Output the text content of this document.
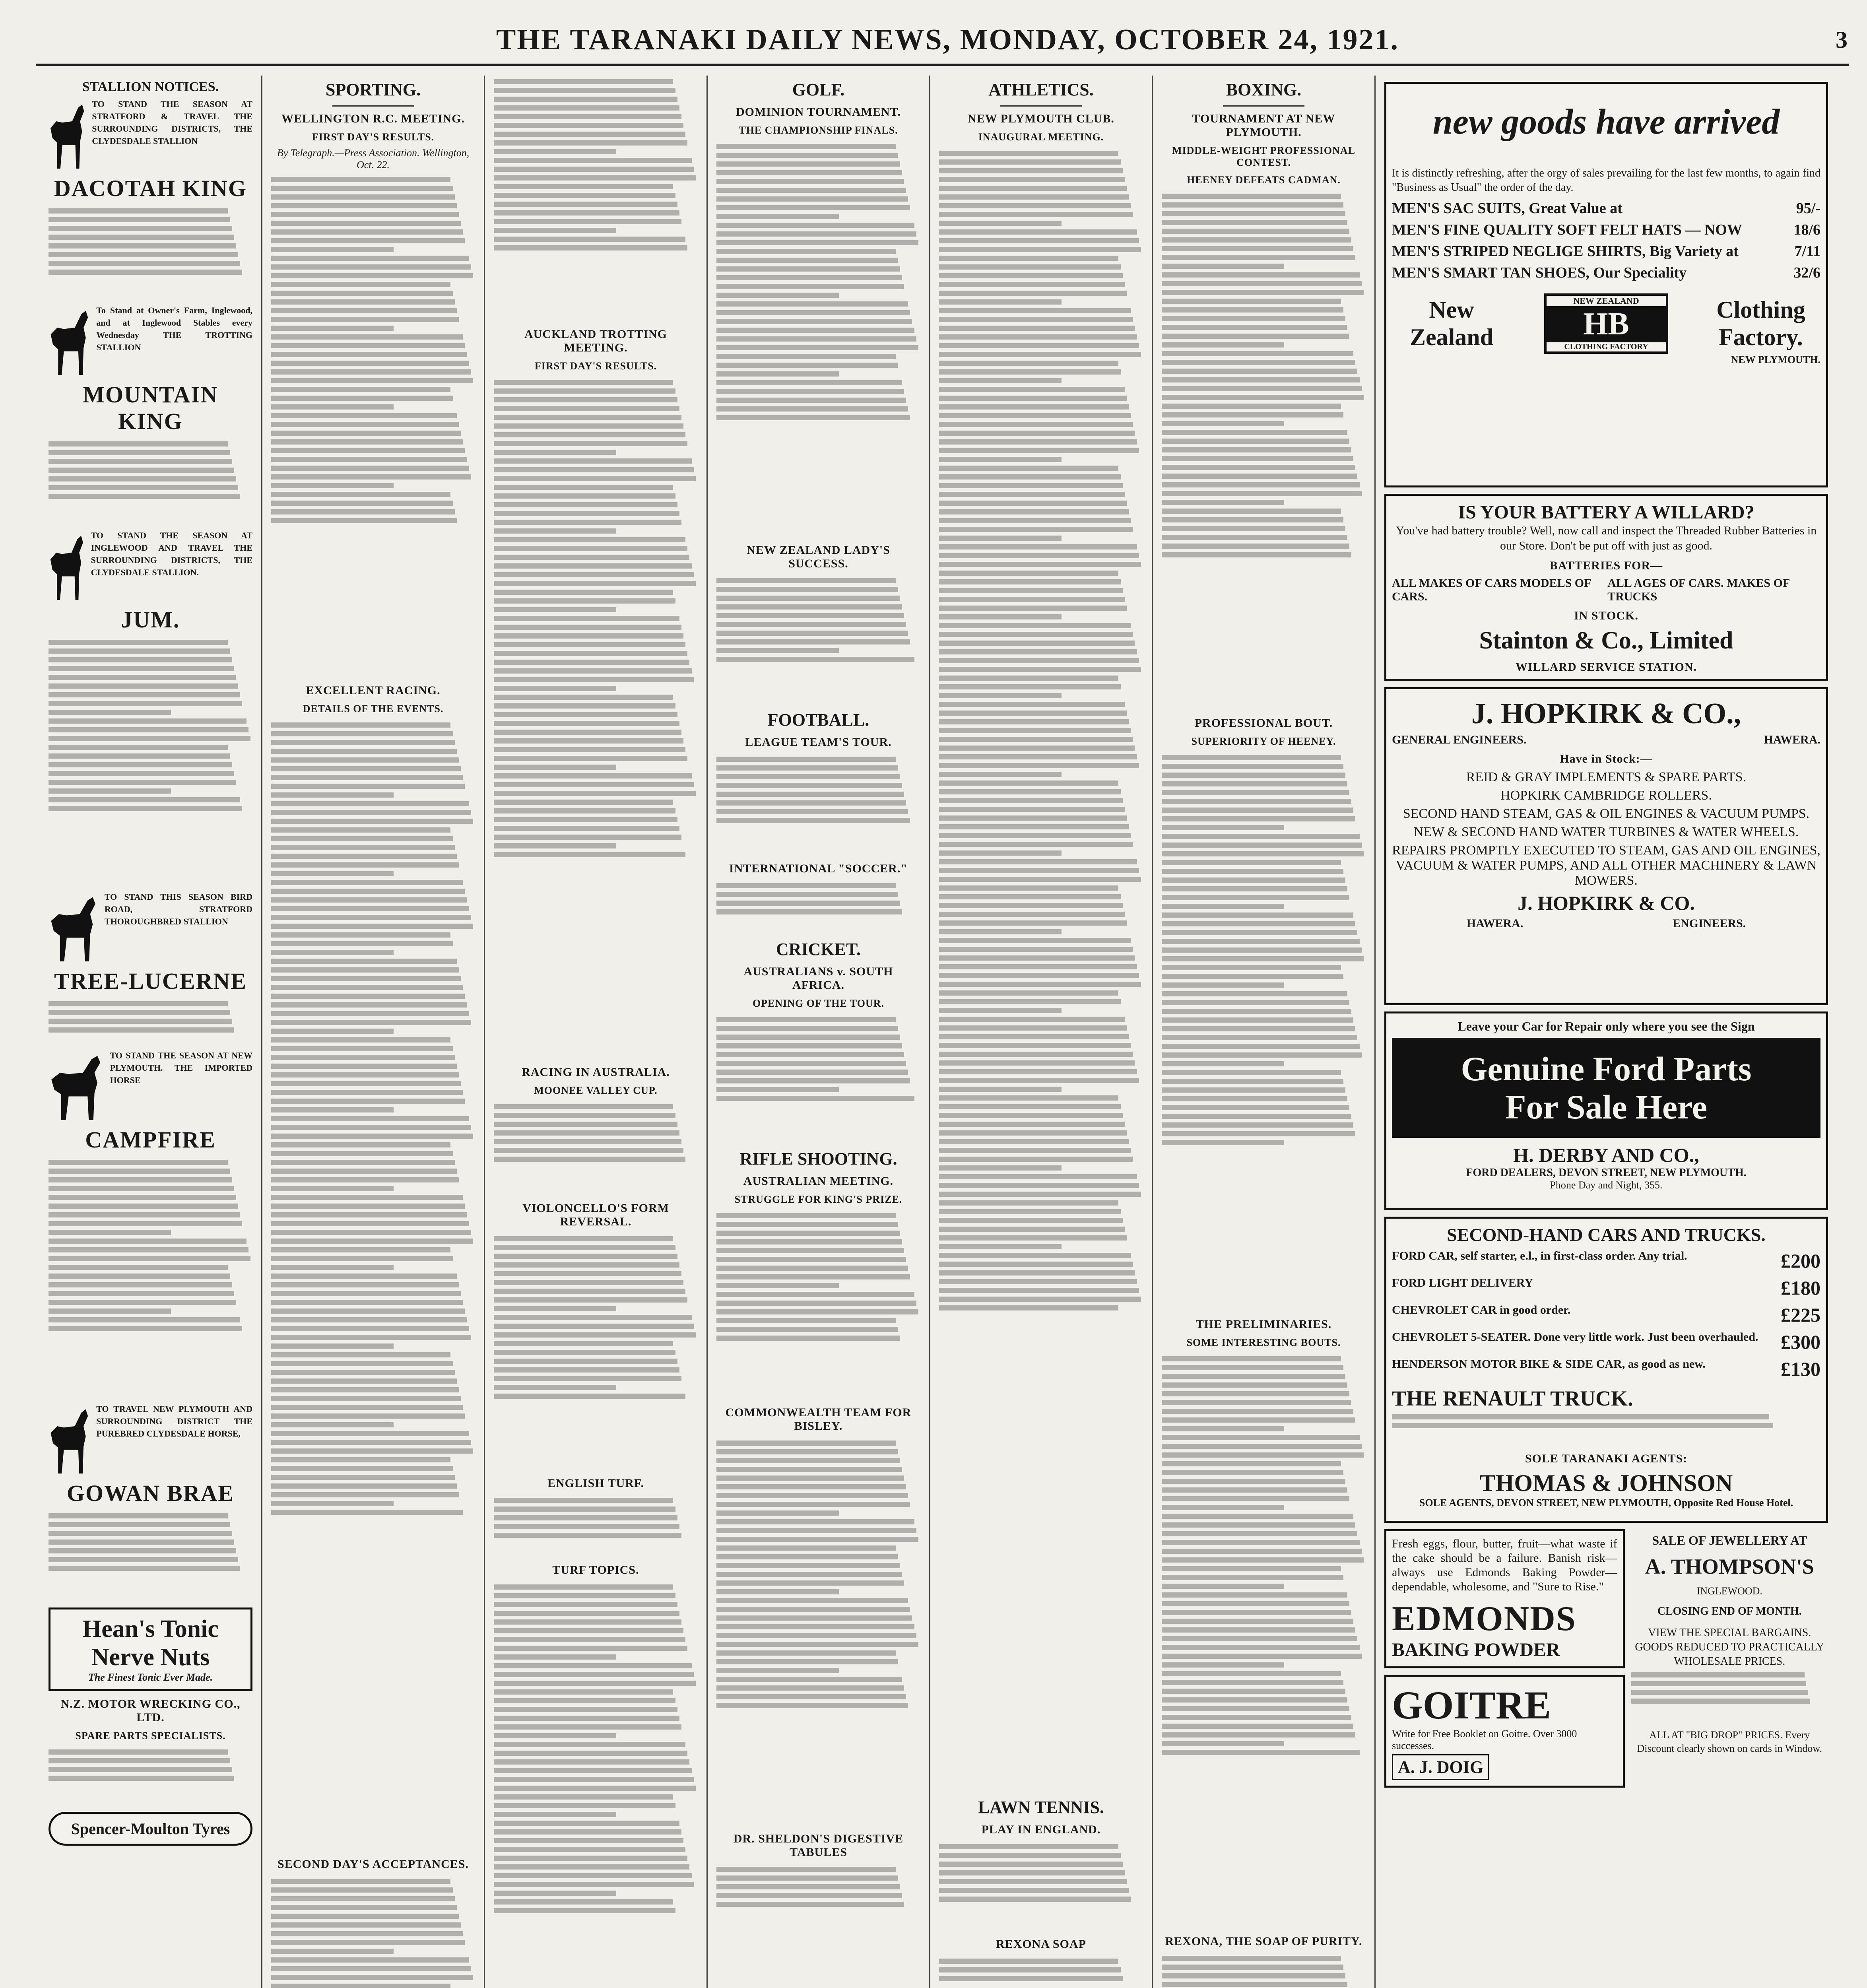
THE TARANAKI DAILY NEWS, MONDAY, OCTOBER 24, 1921.	3
STALLION NOTICES.
TO STAND THE SEASON AT STRATFORD & TRAVEL THE SURROUNDING DISTRICTS, THE CLYDESDALE STALLION
DACOTAH KING
To Stand at Owner's Farm, Inglewood, and at Inglewood Stables every Wednesday THE TROTTING STALLION
MOUNTAIN KING
TO STAND THE SEASON AT INGLEWOOD AND TRAVEL THE SURROUNDING DISTRICTS, THE CLYDESDALE STALLION.
JUM.
TO STAND THIS SEASON BIRD ROAD, STRATFORD THOROUGHBRED STALLION
TREE-LUCERNE
TO STAND THE SEASON AT NEW PLYMOUTH. THE IMPORTED HORSE
CAMPFIRE
TO TRAVEL NEW PLYMOUTH AND SURROUNDING DISTRICT THE PUREBRED CLYDESDALE HORSE,
GOWAN BRAE
Hean's Tonic
Nerve Nuts
The Finest Tonic Ever Made.
N.Z. MOTOR WRECKING CO., LTD.
SPARE PARTS SPECIALISTS.
Spencer-Moulton Tyres
SPORTING.
WELLINGTON R.C. MEETING.
FIRST DAY'S RESULTS.
By Telegraph.—Press Association. Wellington, Oct. 22.
EXCELLENT RACING.
DETAILS OF THE EVENTS.
SECOND DAY'S ACCEPTANCES.
AUCKLAND TROTTING MEETING.
FIRST DAY'S RESULTS.
RACING IN AUSTRALIA.
MOONEE VALLEY CUP.
VIOLONCELLO'S FORM REVERSAL.
ENGLISH TURF.
TURF TOPICS.
GOLF.
DOMINION TOURNAMENT.
THE CHAMPIONSHIP FINALS.
NEW ZEALAND LADY'S SUCCESS.
FOOTBALL.
LEAGUE TEAM'S TOUR.
INTERNATIONAL "SOCCER."
CRICKET.
AUSTRALIANS v. SOUTH AFRICA.
OPENING OF THE TOUR.
RIFLE SHOOTING.
AUSTRALIAN MEETING.
STRUGGLE FOR KING'S PRIZE.
COMMONWEALTH TEAM FOR BISLEY.
DR. SHELDON'S DIGESTIVE TABULES
ATHLETICS.
NEW PLYMOUTH CLUB.
INAUGURAL MEETING.
LAWN TENNIS.
PLAY IN ENGLAND.
REXONA SOAP
BOXING.
TOURNAMENT AT NEW PLYMOUTH.
MIDDLE-WEIGHT PROFESSIONAL CONTEST.
HEENEY DEFEATS CADMAN.
PROFESSIONAL BOUT.
SUPERIORITY OF HEENEY.
THE PRELIMINARIES.
SOME INTERESTING BOUTS.
REXONA, THE SOAP OF PURITY.
new goods have arrived
It is distinctly refreshing, after the orgy of sales prevailing for the last few months, to again find "Business as Usual" the order of the day.
MEN'S SAC SUITS, Great Value at	95/-
MEN'S FINE QUALITY SOFT FELT HATS — NOW	18/6
MEN'S STRIPED NEGLIGE SHIRTS, Big Variety at	7/11
MEN'S SMART TAN SHOES, Our Speciality	32/6
New Zealand
NEW ZEALAND
HB
CLOTHING FACTORY
Clothing Factory.
NEW PLYMOUTH.
IS YOUR BATTERY A WILLARD?
You've had battery trouble? Well, now call and inspect the Threaded Rubber Batteries in our Store. Don't be put off with just as good.
BATTERIES FOR—
ALL MAKES OF CARS MODELS OF CARS.
ALL AGES OF CARS. MAKES OF TRUCKS
IN STOCK.
Stainton & Co., Limited
WILLARD SERVICE STATION.
J. HOPKIRK & CO.,
GENERAL ENGINEERS.	HAWERA.
Have in Stock:—
REID & GRAY IMPLEMENTS & SPARE PARTS.
HOPKIRK CAMBRIDGE ROLLERS.
SECOND HAND STEAM, GAS & OIL ENGINES & VACUUM PUMPS.
NEW & SECOND HAND WATER TURBINES & WATER WHEELS.
REPAIRS PROMPTLY EXECUTED TO STEAM, GAS AND OIL ENGINES, VACUUM & WATER PUMPS, AND ALL OTHER MACHINERY & LAWN MOWERS.
J. HOPKIRK & CO.
HAWERA.	ENGINEERS.
Leave your Car for Repair only where you see the Sign
Genuine Ford Parts
For Sale Here
H. DERBY AND CO.,
FORD DEALERS, DEVON STREET, NEW PLYMOUTH.
Phone Day and Night, 355.
SECOND-HAND CARS AND TRUCKS.
FORD CAR, self starter, e.l., in first-class order. Any trial.	£200
FORD LIGHT DELIVERY	£180
CHEVROLET CAR in good order.	£225
CHEVROLET 5-SEATER. Done very little work. Just been overhauled. £300
HENDERSON MOTOR BIKE & SIDE CAR, as good as new.	£130
THE RENAULT TRUCK.
SOLE TARANAKI AGENTS:
THOMAS & JOHNSON
SOLE AGENTS, DEVON STREET, NEW PLYMOUTH, Opposite Red House Hotel.
Fresh eggs, flour, butter, fruit—what waste if the cake should be a failure. Banish risk—always use Edmonds Baking Powder—dependable, wholesome, and "Sure to Rise."
EDMONDS
BAKING POWDER
GOITRE
Write for Free Booklet on Goitre. Over 3000 successes.
A. J. DOIG
SALE OF JEWELLERY AT
A. THOMPSON'S
INGLEWOOD.
CLOSING END OF MONTH.
VIEW THE SPECIAL BARGAINS. GOODS REDUCED TO PRACTICALLY WHOLESALE PRICES.
ALL AT "BIG DROP" PRICES. Every Discount clearly shown on cards in Window.
